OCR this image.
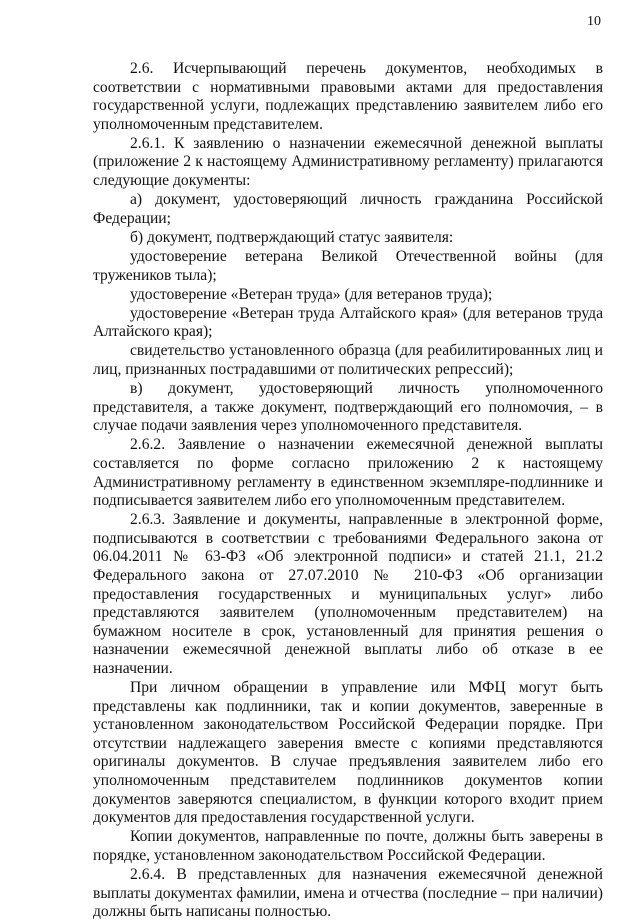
10

2.6. Исчерпывающий перечень документов, необходимых в соответствии с нормативными правовыми актами для предоставления государственной услуги, подлежащих представлению заявителем либо его уполномоченным представителем.

2.6.1. К заявлению о назначении ежемесячной денежной выплаты (приложение 2 к настоящему Административному регламенту) прилагаются следующие документы:

а) документ, удостоверяющий личность гражданина Российской Федерации;

б) документ, подтверждающий статус заявителя:

удостоверение ветерана Великой Отечественной войны (для тружеников тыла);

удостоверение «Ветеран труда» (для ветеранов труда);

удостоверение «Ветеран труда Алтайского края» (для ветеранов труда Алтайского края);

свидетельство установленного образца (для реабилитированных лиц и лиц, признанных пострадавшими от политических репрессий);

в) документ, удостоверяющий личность уполномоченного представителя, а также документ, подтверждающий его полномочия, – в случае подачи заявления через уполномоченного представителя.

2.6.2. Заявление о назначении ежемесячной денежной выплаты составляется по форме согласно приложению 2 к настоящему Административному регламенту в единственном экземпляре-подлиннике и подписывается заявителем либо его уполномоченным представителем.

2.6.3. Заявление и документы, направленные в электронной форме, подписываются в соответствии с требованиями Федерального закона от 06.04.2011 № 63-ФЗ «Об электронной подписи» и статей 21.1, 21.2 Федерального закона от 27.07.2010 № 210-ФЗ «Об организации предоставления государственных и муниципальных услуг» либо представляются заявителем (уполномоченным представителем) на бумажном носителе в срок, установленный для принятия решения о назначении ежемесячной денежной выплаты либо об отказе в ее назначении.

При личном обращении в управление или МФЦ могут быть представлены как подлинники, так и копии документов, заверенные в установленном законодательством Российской Федерации порядке. При отсутствии надлежащего заверения вместе с копиями представляются оригиналы документов. В случае предъявления заявителем либо его уполномоченным представителем подлинников документов копии документов заверяются специалистом, в функции которого входит прием документов для предоставления государственной услуги.

Копии документов, направленные по почте, должны быть заверены в порядке, установленном законодательством Российской Федерации.

2.6.4. В представленных для назначения ежемесячной денежной выплаты документах фамилии, имена и отчества (последние – при наличии) должны быть написаны полностью.
